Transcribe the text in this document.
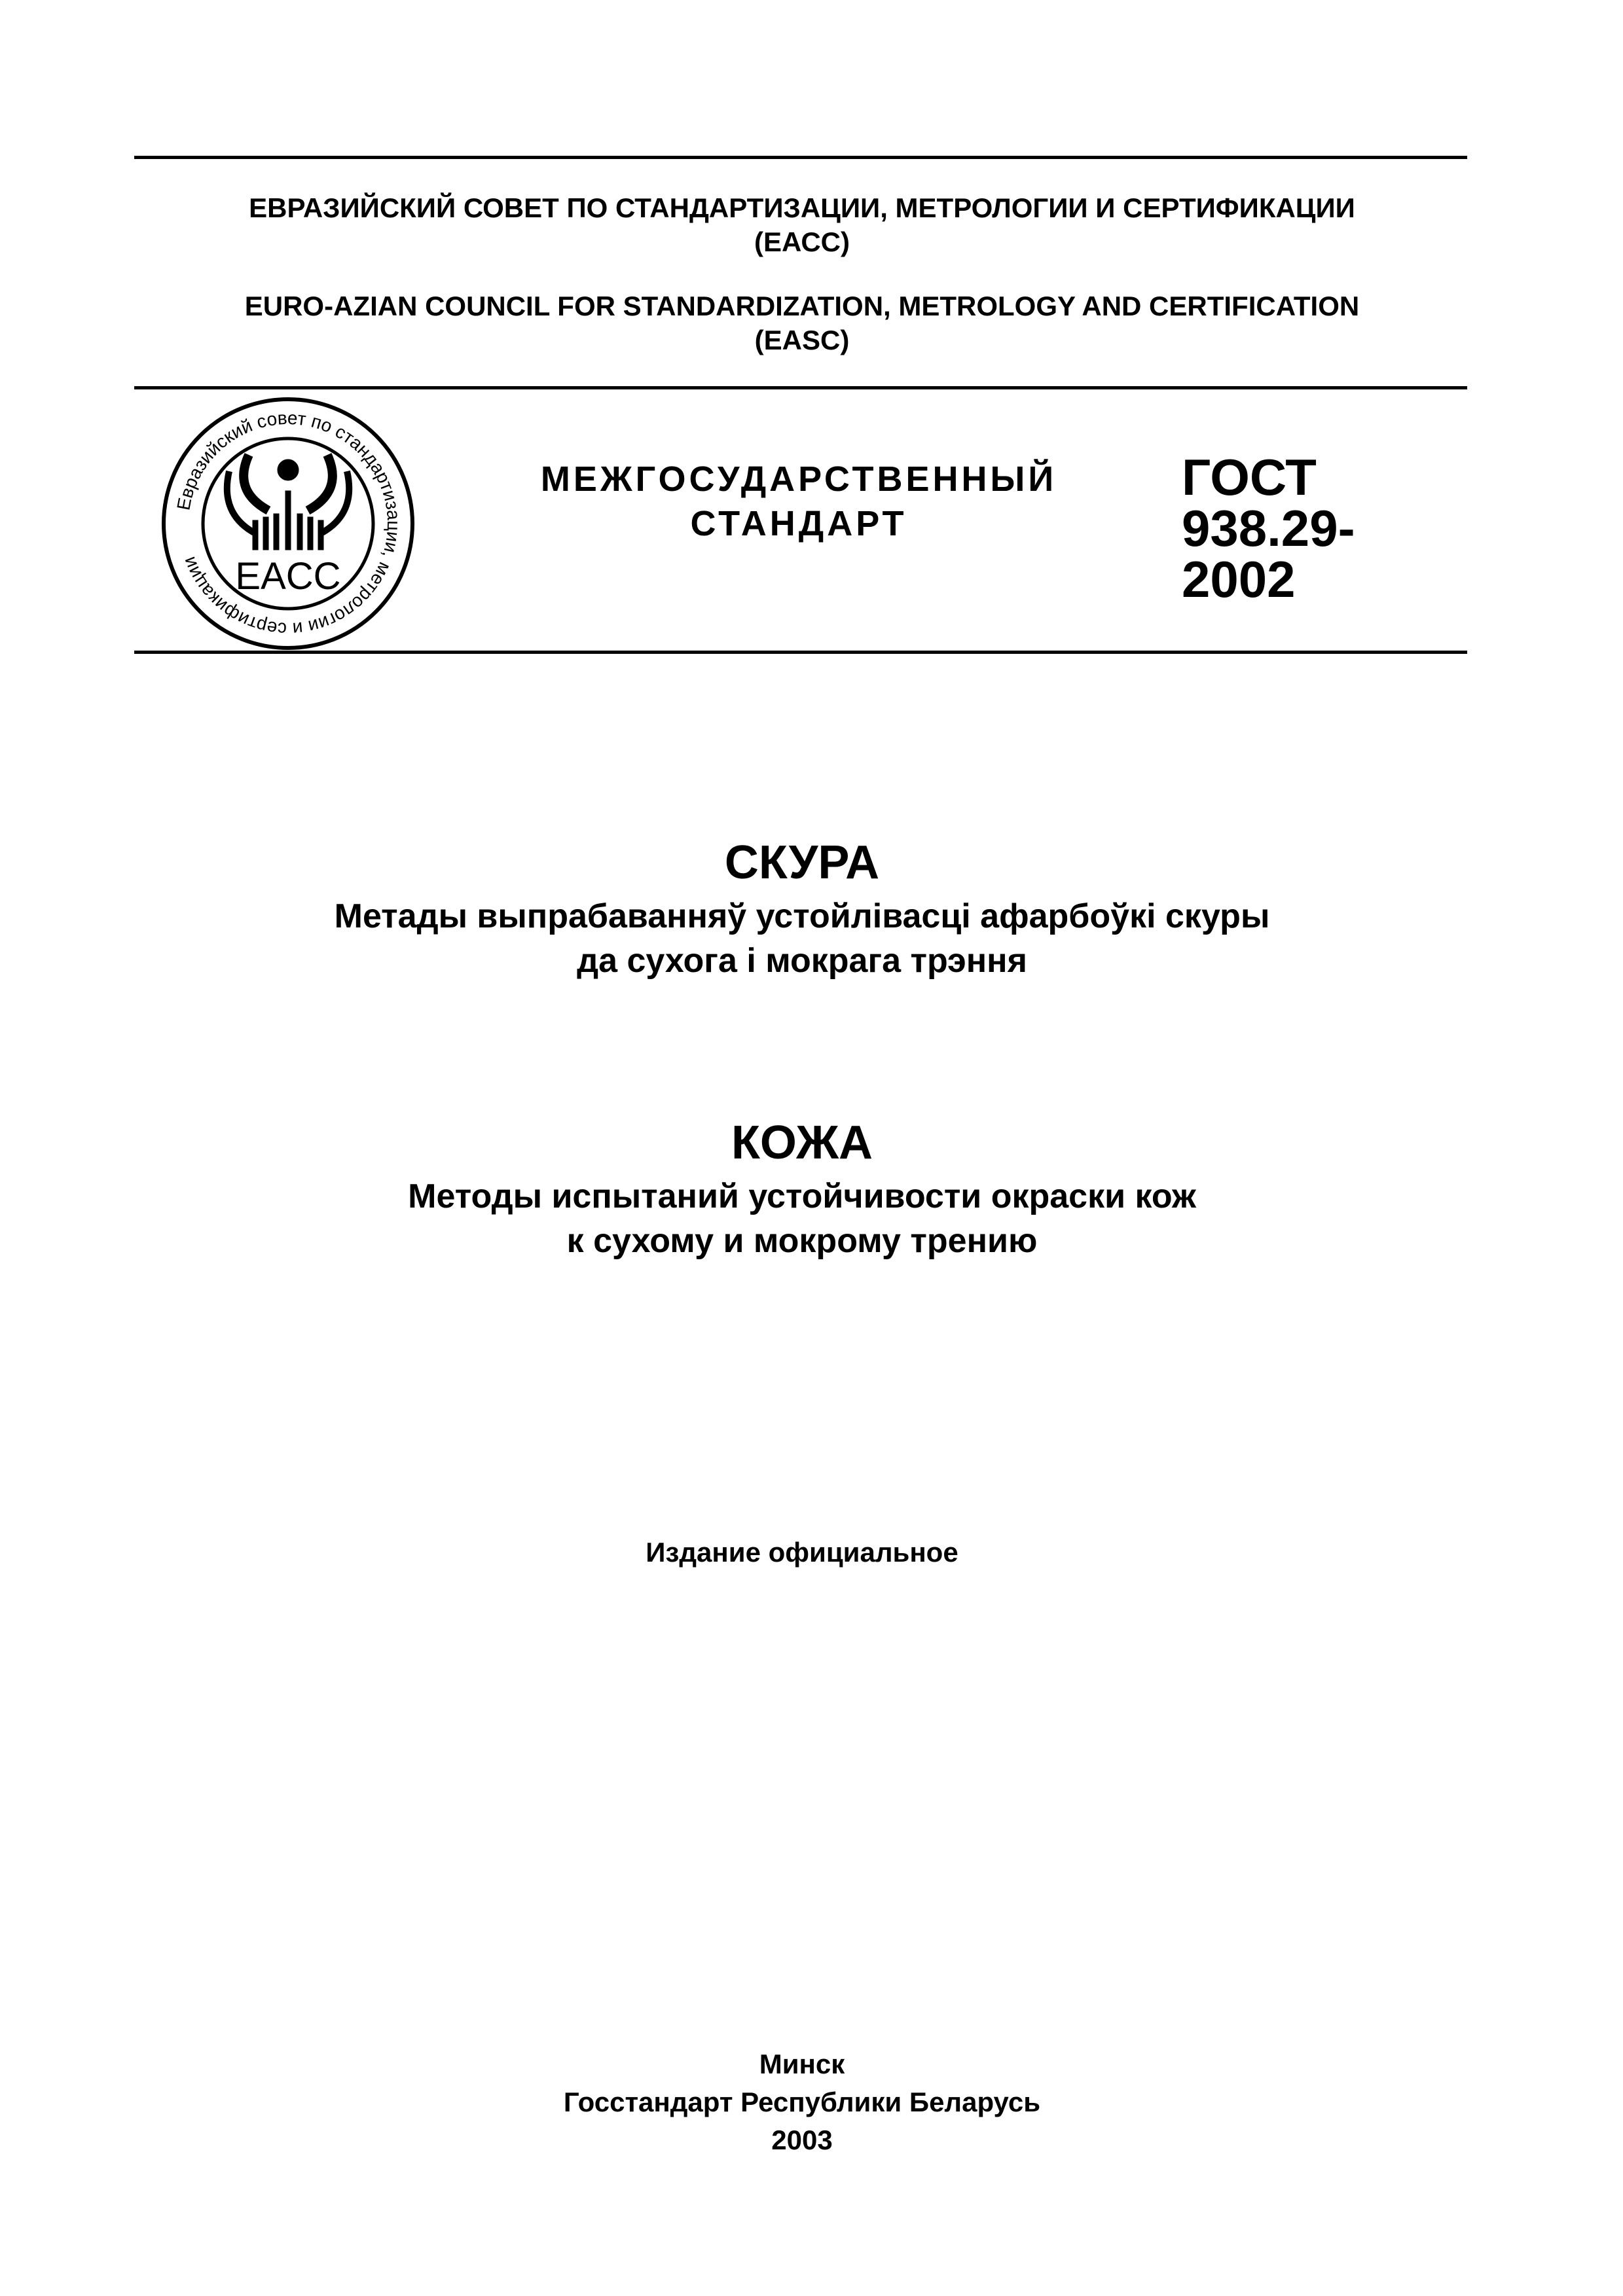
ЕВРАЗИЙСКИЙ СОВЕТ ПО СТАНДАРТИЗАЦИИ, МЕТРОЛОГИИ И СЕРТИФИКАЦИИ
(ЕАСС)
EURO-AZIAN COUNCIL FOR STANDARDIZATION, METROLOGY AND CERTIFICATION
(EASC)
Евразийский совет по стандартизации, метрологии и сертификации EACC
МЕЖГОСУДАРСТВЕННЫЙ
СТАНДАРТ
ГОСТ
938.29-
2002
СКУРА
Метады выпрабаванняў устойлівасці афарбоўкі скуры
да сухога і мокрага трэння
КОЖА
Методы испытаний устойчивости окраски кож
к сухому и мокрому трению
Издание официальное
Минск
Госстандарт Республики Беларусь
2003
